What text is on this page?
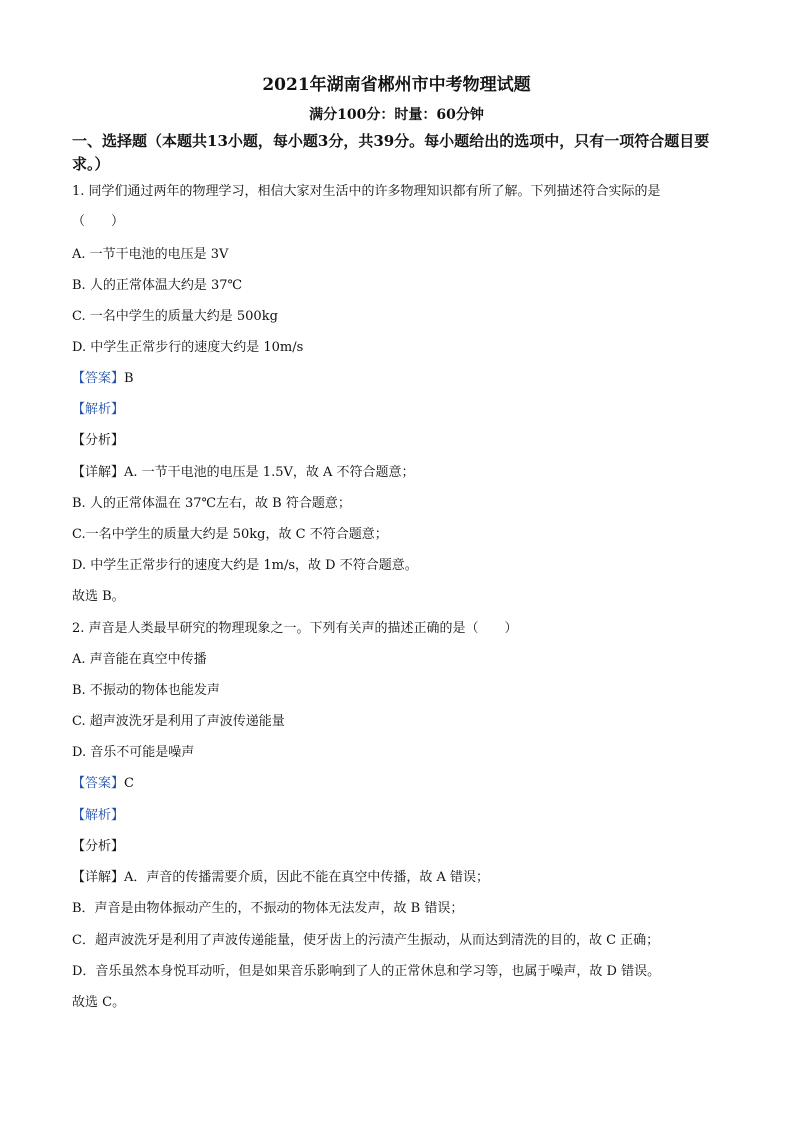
2021年湖南省郴州市中考物理试题
满分100分：时量：60分钟
一、选择题（本题共13小题，每小题3分，共39分。每小题给出的选项中，只有一项符合题目要求。）
1. 同学们通过两年的物理学习，相信大家对生活中的许多物理知识都有所了解。下列描述符合实际的是
（　　）
A. 一节干电池的电压是 3V
B. 人的正常体温大约是 37℃
C. 一名中学生的质量大约是 500kg
D. 中学生正常步行的速度大约是 10m/s
【答案】B
【解析】
【分析】
【详解】A. 一节干电池的电压是 1.5V，故 A 不符合题意；
B. 人的正常体温在 37℃左右，故 B 符合题意；
C.一名中学生的质量大约是 50kg，故 C 不符合题意；
D. 中学生正常步行的速度大约是 1m/s，故 D 不符合题意。
故选 B。
2. 声音是人类最早研究的物理现象之一。下列有关声的描述正确的是（　　）
A. 声音能在真空中传播
B. 不振动的物体也能发声
C. 超声波洗牙是利用了声波传递能量
D. 音乐不可能是噪声
【答案】C
【解析】
【分析】
【详解】A．声音的传播需要介质，因此不能在真空中传播，故 A 错误；
B．声音是由物体振动产生的，不振动的物体无法发声，故 B 错误；
C．超声波洗牙是利用了声波传递能量，使牙齿上的污渍产生振动，从而达到清洗的目的，故 C 正确；
D．音乐虽然本身悦耳动听，但是如果音乐影响到了人的正常休息和学习等，也属于噪声，故 D 错误。
故选 C。
